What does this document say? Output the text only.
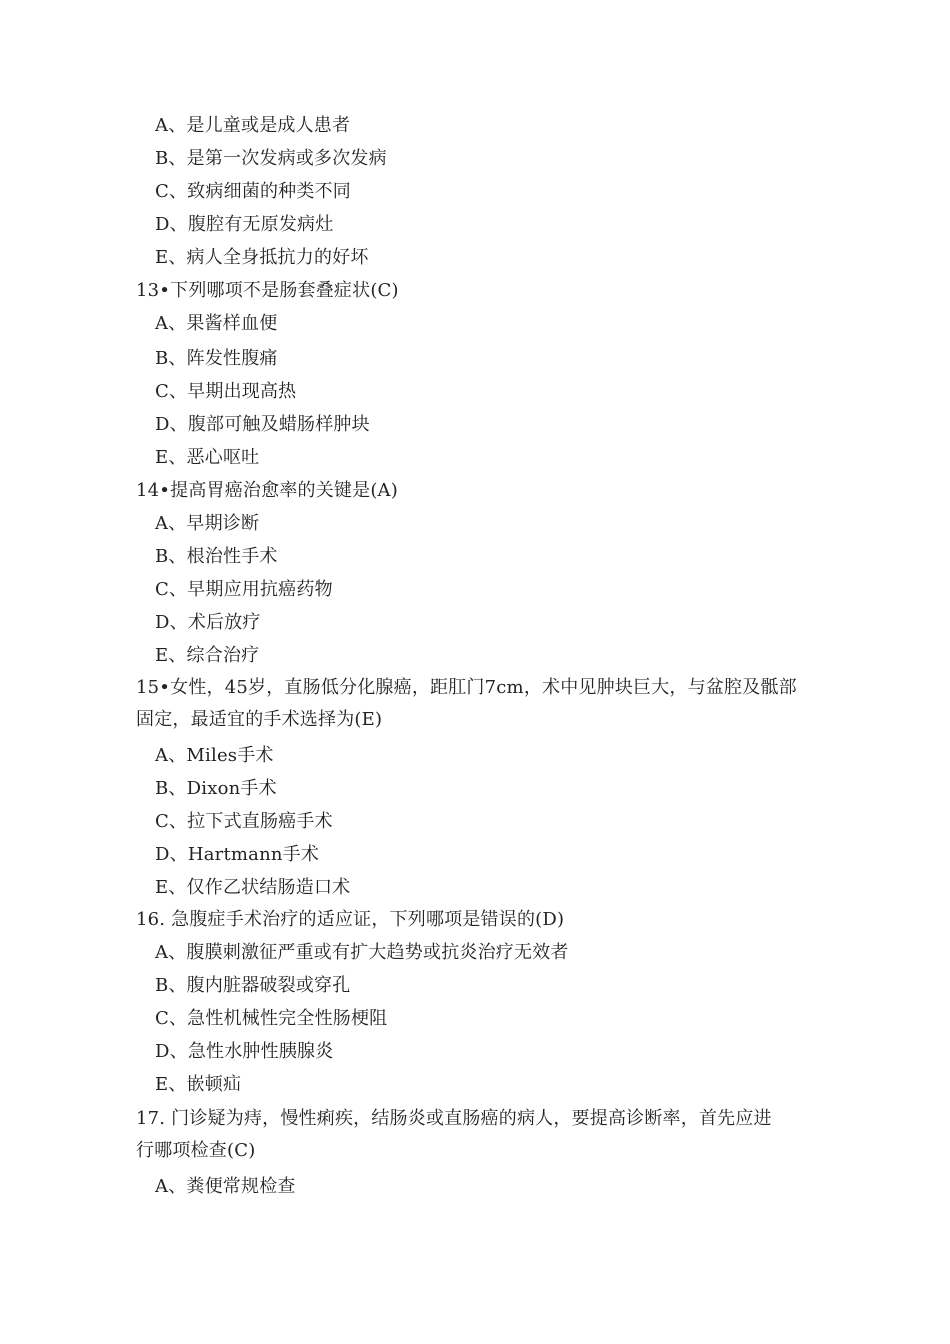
A、是儿童或是成人患者
B、是第一次发病或多次发病
C、致病细菌的种类不同
D、腹腔有无原发病灶
E、病人全身抵抗力的好坏
13•下列哪项不是肠套叠症状(C)
A、果酱样血便
B、阵发性腹痛
C、早期出现高热
D、腹部可触及蜡肠样肿块
E、恶心呕吐
14•提高胃癌治愈率的关键是(A)
A、早期诊断
B、根治性手术
C、早期应用抗癌药物
D、术后放疗
E、综合治疗
15•女性，45岁，直肠低分化腺癌，距肛门7cm，术中见肿块巨大，与盆腔及骶部
固定，最适宜的手术选择为(E)
A、Miles手术
B、Dixon手术
C、拉下式直肠癌手术
D、Hartmann手术
E、仅作乙状结肠造口术
16. 急腹症手术治疗的适应证，下列哪项是错误的(D)
A、腹膜刺激征严重或有扩大趋势或抗炎治疗无效者
B、腹内脏器破裂或穿孔
C、急性机械性完全性肠梗阻
D、急性水肿性胰腺炎
E、嵌顿疝
17. 门诊疑为痔，慢性痢疾，结肠炎或直肠癌的病人，要提高诊断率，首先应进
行哪项检查(C)
A、粪便常规检查
